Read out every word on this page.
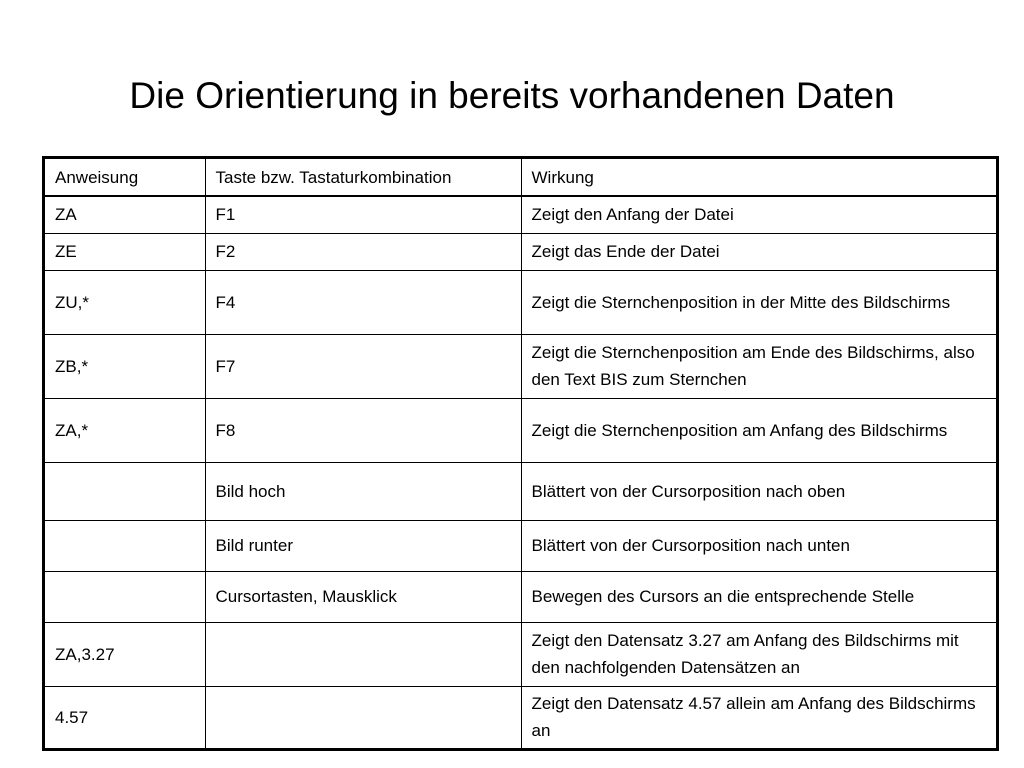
Die Orientierung in bereits vorhandenen Daten
Anweisung	Taste bzw. Tastaturkombination	Wirkung
ZA	F1	Zeigt den Anfang der Datei
ZE	F2	Zeigt das Ende der Datei
ZU,*	F4	Zeigt die Sternchenposition in der Mitte des Bildschirms
ZB,*	F7	Zeigt die Sternchenposition am Ende des Bildschirms, also den Text BIS zum Sternchen
ZA,*	F8	Zeigt die Sternchenposition am Anfang des Bildschirms
	Bild hoch	Blättert von der Cursorposition nach oben
	Bild runter	Blättert von der Cursorposition nach unten
	Cursortasten, Mausklick	Bewegen des Cursors an die entsprechende Stelle
ZA,3.27		Zeigt den Datensatz 3.27 am Anfang des Bildschirms mit den nachfolgenden Datensätzen an
4.57		Zeigt den Datensatz 4.57 allein am Anfang des Bildschirms an
